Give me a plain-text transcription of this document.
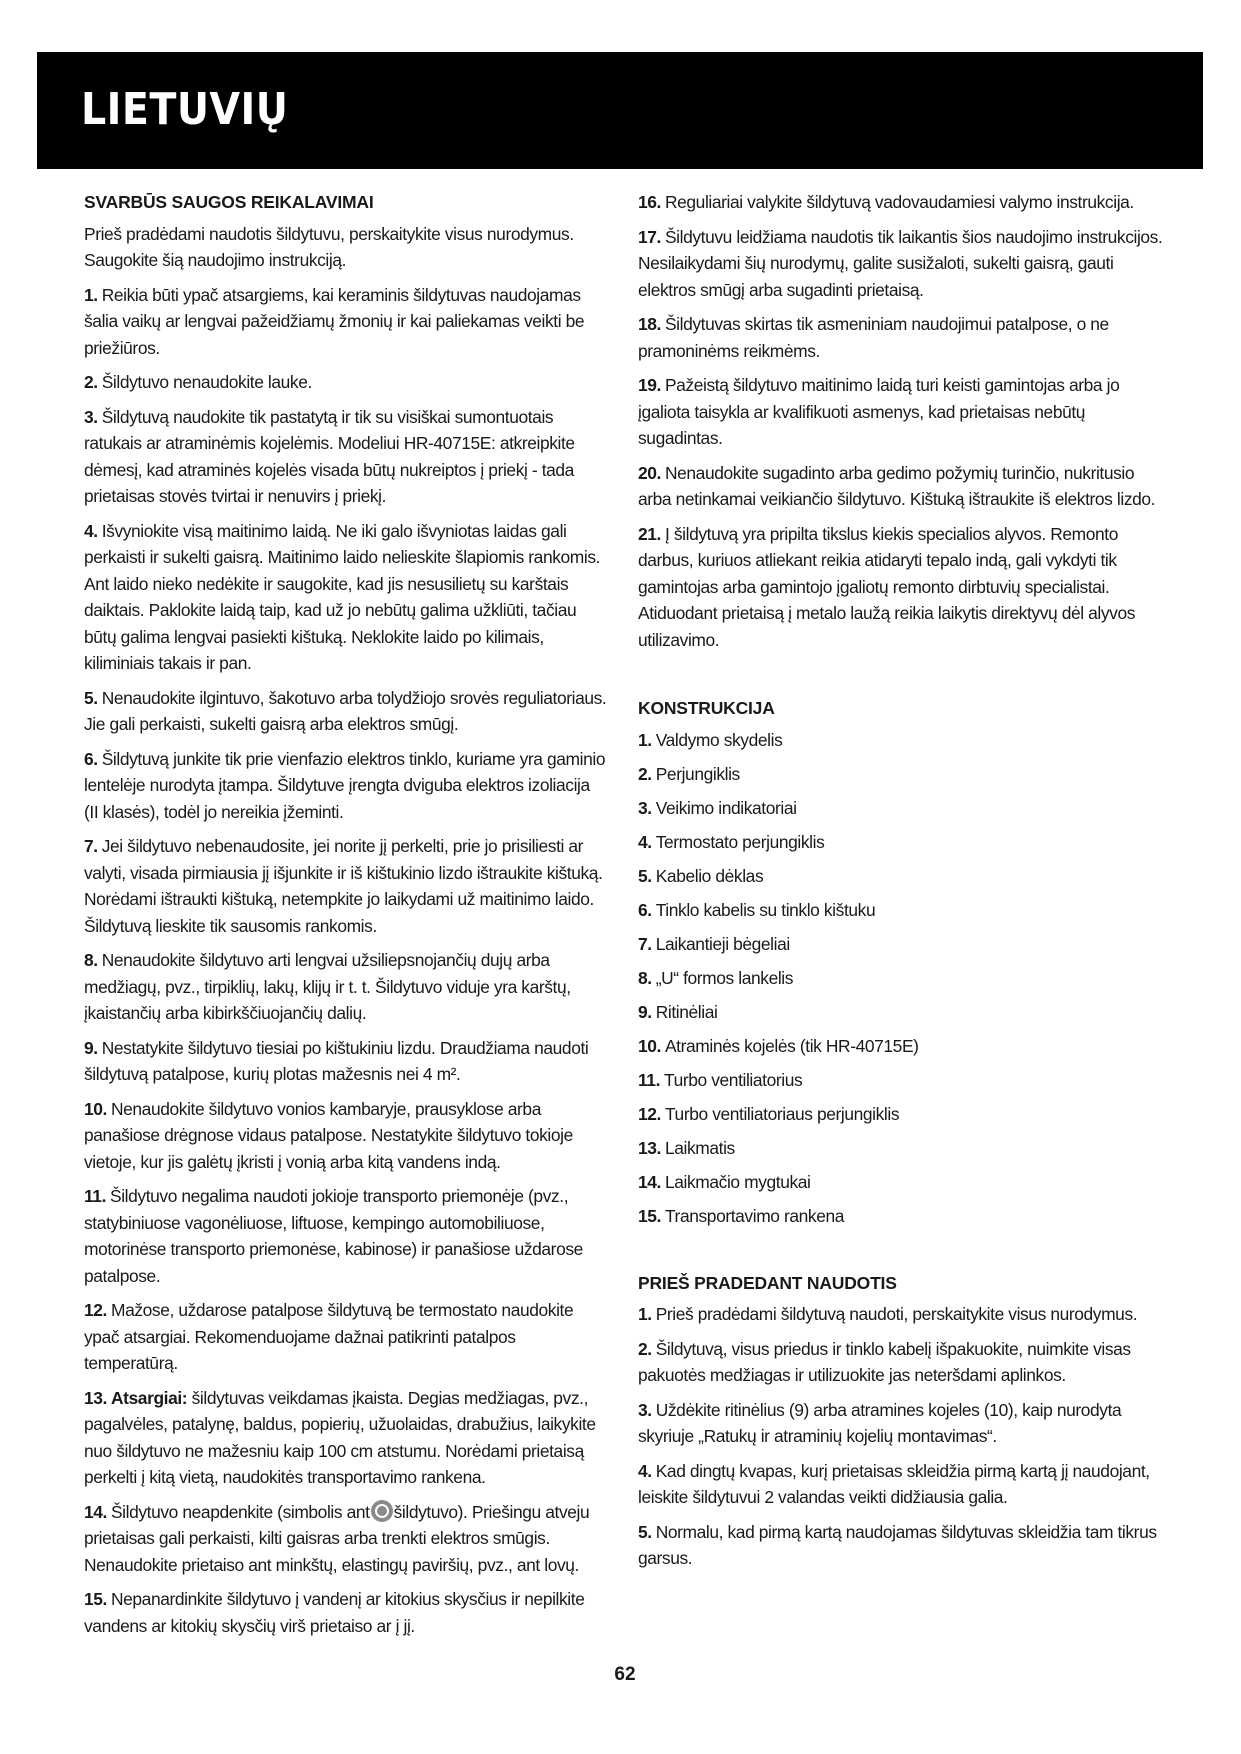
LIETUVIŲ
SVARBŪS SAUGOS REIKALAVIMAI
Prieš pradėdami naudotis šildytuvu, perskaitykite visus nurodymus. Saugokite šią naudojimo instrukciją.
1. Reikia būti ypač atsargiems, kai keraminis šildytuvas naudojamas šalia vaikų ar lengvai pažeidžiamų žmonių ir kai paliekamas veikti be priežiūros.
2. Šildytuvo nenaudokite lauke.
3. Šildytuvą naudokite tik pastatytą ir tik su visiškai sumontuotais ratukais ar atraminėmis kojelėmis. Modeliui HR-40715E: atkreipkite dėmesį, kad atraminės kojelės visada būtų nukreiptos į priekį - tada prietaisas stovės tvirtai ir nenuvirs į priekį.
4. Išvyniokite visą maitinimo laidą. Ne iki galo išvyniotas laidas gali perkaisti ir sukelti gaisrą. Maitinimo laido nelieskite šlapiomis rankomis. Ant laido nieko nedėkite ir saugokite, kad jis nesusilietų su karštais daiktais. Paklokite laidą taip, kad už jo nebūtų galima užkliūti, tačiau būtų galima lengvai pasiekti kištuką. Neklokite laido po kilimais, kiliminiais takais ir pan.
5. Nenaudokite ilgintuvo, šakotuvo arba tolydžiojo srovės reguliatoriaus. Jie gali perkaisti, sukelti gaisrą arba elektros smūgį.
6. Šildytuvą junkite tik prie vienfazio elektros tinklo, kuriame yra gaminio lentelėje nurodyta įtampa. Šildytuve įrengta dviguba elektros izoliacija (II klasės), todėl jo nereikia įžeminti.
7. Jei šildytuvo nebenaudosite, jei norite jį perkelti, prie jo prisiliesti ar valyti, visada pirmiausia jį išjunkite ir iš kištukinio lizdo ištraukite kištuką. Norėdami ištraukti kištuką, netempkite jo laikydami už maitinimo laido. Šildytuvą lieskite tik sausomis rankomis.
8. Nenaudokite šildytuvo arti lengvai užsiliepsnojančių dujų arba medžiagų, pvz., tirpiklių, lakų, klijų ir t. t. Šildytuvo viduje yra karštų, įkaistančių arba kibirkščiuojančių dalių.
9. Nestatykite šildytuvo tiesiai po kištukiniu lizdu. Draudžiama naudoti šildytuvą patalpose, kurių plotas mažesnis nei 4 m².
10. Nenaudokite šildytuvo vonios kambaryje, prausyklose arba panašiose drėgnose vidaus patalpose. Nestatykite šildytuvo tokioje vietoje, kur jis galėtų įkristi į vonią arba kitą vandens indą.
11. Šildytuvo negalima naudoti jokioje transporto priemonėje (pvz., statybiniuose vagonėliuose, liftuose, kempingo automobiliuose, motorinėse transporto priemonėse, kabinose) ir panašiose uždarose patalpose.
12. Mažose, uždarose patalpose šildytuvą be termostato naudokite ypač atsargiai. Rekomenduojame dažnai patikrinti patalpos temperatūrą.
13. Atsargiai: šildytuvas veikdamas įkaista. Degias medžiagas, pvz., pagalvėles, patalynę, baldus, popierių, užuolaidas, drabužius, laikykite nuo šildytuvo ne mažesniu kaip 100 cm atstumu. Norėdami prietaisą perkelti į kitą vietą, naudokitės transportavimo rankena.
14. Šildytuvo neapdenkite (simbolis ant šildytuvo). Priešingu atveju prietaisas gali perkaisti, kilti gaisras arba trenkti elektros smūgis. Nenaudokite prietaiso ant minkštų, elastingų paviršių, pvz., ant lovų.
15. Nepanardinkite šildytuvo į vandenį ar kitokius skysčius ir nepilkite vandens ar kitokių skysčių virš prietaiso ar į jį.
16. Reguliariai valykite šildytuvą vadovaudamiesi valymo instrukcija.
17. Šildytuvu leidžiama naudotis tik laikantis šios naudojimo instrukcijos. Nesilaikydami šių nurodymų, galite susižaloti, sukelti gaisrą, gauti elektros smūgį arba sugadinti prietaisą.
18. Šildytuvas skirtas tik asmeniniam naudojimui patalpose, o ne pramoninėms reikmėms.
19. Pažeistą šildytuvo maitinimo laidą turi keisti gamintojas arba jo įgaliota taisykla ar kvalifikuoti asmenys, kad prietaisas nebūtų sugadintas.
20. Nenaudokite sugadinto arba gedimo požymių turinčio, nukritusio arba netinkamai veikiančio šildytuvo. Kištuką ištraukite iš elektros lizdo.
21. Į šildytuvą yra pripilta tikslus kiekis specialios alyvos. Remonto darbus, kuriuos atliekant reikia atidaryti tepalo indą, gali vykdyti tik gamintojas arba gamintojo įgaliotų remonto dirbtuvių specialistai. Atiduodant prietaisą į metalo laužą reikia laikytis direktyvų dėl alyvos utilizavimo.
KONSTRUKCIJA
1. Valdymo skydelis
2. Perjungiklis
3. Veikimo indikatoriai
4. Termostato perjungiklis
5. Kabelio dėklas
6. Tinklo kabelis su tinklo kištuku
7. Laikantieji bėgeliai
8. „U“ formos lankelis
9. Ritinėliai
10. Atraminės kojelės (tik HR-40715E)
11. Turbo ventiliatorius
12. Turbo ventiliatoriaus perjungiklis
13. Laikmatis
14. Laikmačio mygtukai
15. Transportavimo rankena
PRIEŠ PRADEDANT NAUDOTIS
1. Prieš pradėdami šildytuvą naudoti, perskaitykite visus nurodymus.
2. Šildytuvą, visus priedus ir tinklo kabelį išpakuokite, nuimkite visas pakuotės medžiagas ir utilizuokite jas neteršdami aplinkos.
3. Uždėkite ritinėlius (9) arba atramines kojeles (10), kaip nurodyta skyriuje „Ratukų ir atraminių kojelių montavimas“.
4. Kad dingtų kvapas, kurį prietaisas skleidžia pirmą kartą jį naudojant, leiskite šildytuvui 2 valandas veikti didžiausia galia.
5. Normalu, kad pirmą kartą naudojamas šildytuvas skleidžia tam tikrus garsus.
62
